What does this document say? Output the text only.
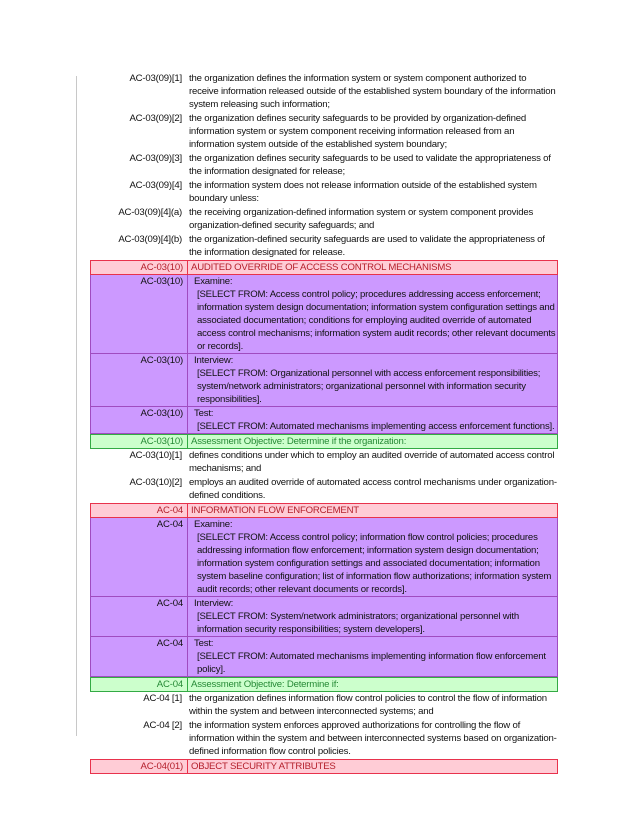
AC-03(09)[1] the organization defines the information system or system component authorized to receive information released outside of the established system boundary of the information system releasing such information;
AC-03(09)[2] the organization defines security safeguards to be provided by organization-defined information system or system component receiving information released from an information system outside of the established system boundary;
AC-03(09)[3] the organization defines security safeguards to be used to validate the appropriateness of the information designated for release;
AC-03(09)[4] the information system does not release information outside of the established system boundary unless:
AC-03(09)[4](a) the receiving organization-defined information system or system component provides organization-defined security safeguards; and
AC-03(09)[4](b) the organization-defined security safeguards are used to validate the appropriateness of the information designated for release.
AC-03(10) AUDITED OVERRIDE OF ACCESS CONTROL MECHANISMS
AC-03(10)	Examine:
[SELECT FROM: Access control policy; procedures addressing access enforcement; information system design documentation; information system configuration settings and associated documentation; conditions for employing audited override of automated access control mechanisms; information system audit records; other relevant documents or records].
AC-03(10)	Interview:
[SELECT FROM: Organizational personnel with access enforcement responsibilities; system/network administrators; organizational personnel with information security responsibilities].
AC-03(10)	Test:
[SELECT FROM: Automated mechanisms implementing access enforcement functions].
AC-03(10) Assessment Objective: Determine if the organization:
AC-03(10)[1] defines conditions under which to employ an audited override of automated access control mechanisms; and
AC-03(10)[2] employs an audited override of automated access control mechanisms under organization-defined conditions.
AC-04 INFORMATION FLOW ENFORCEMENT
AC-04	Examine:
[SELECT FROM: Access control policy; information flow control policies; procedures addressing information flow enforcement; information system design documentation; information system configuration settings and associated documentation; information system baseline configuration; list of information flow authorizations; information system audit records; other relevant documents or records].
AC-04	Interview:
[SELECT FROM: System/network administrators; organizational personnel with information security responsibilities; system developers].
AC-04	Test:
[SELECT FROM: Automated mechanisms implementing information flow enforcement policy].
AC-04 Assessment Objective: Determine if:
AC-04 [1] the organization defines information flow control policies to control the flow of information within the system and between interconnected systems; and
AC-04 [2] the information system enforces approved authorizations for controlling the flow of information within the system and between interconnected systems based on organization-defined information flow control policies.
AC-04(01) OBJECT SECURITY ATTRIBUTES
